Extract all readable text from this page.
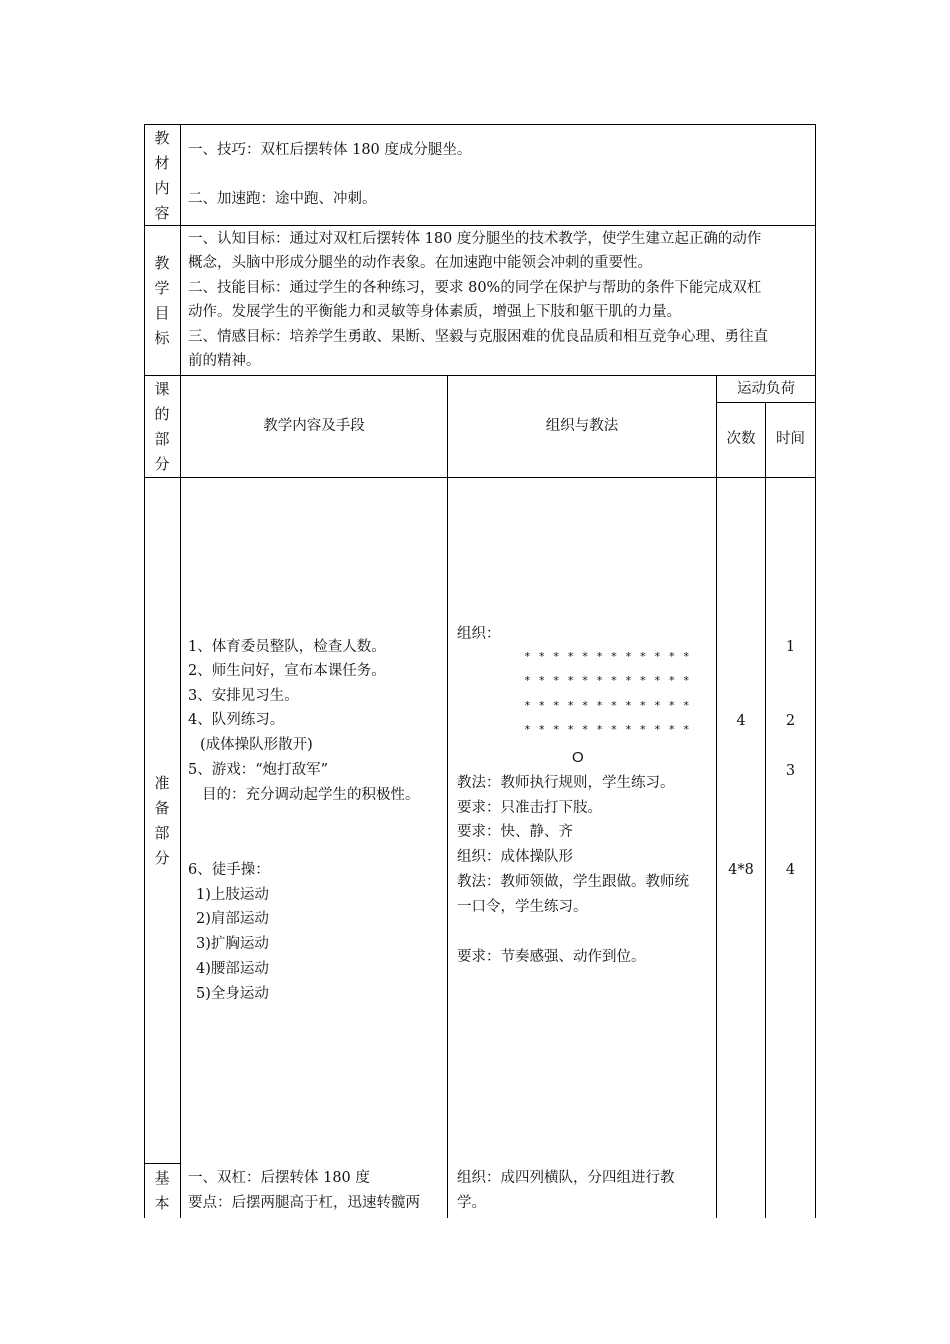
教
材
内
容
一、技巧：双杠后摆转体 180 度成分腿坐。
二、加速跑：途中跑、冲刺。
教
学
目
标
一、认知目标：通过对双杠后摆转体 180 度分腿坐的技术教学，使学生建立起正确的动作
概念，头脑中形成分腿坐的动作表象。在加速跑中能领会冲刺的重要性。
二、技能目标：通过学生的各种练习，要求 80%的同学在保护与帮助的条件下能完成双杠
动作。发展学生的平衡能力和灵敏等身体素质，增强上下肢和躯干肌的力量。
三、情感目标：培养学生勇敢、果断、坚毅与克服困难的优良品质和相互竞争心理、勇往直
前的精神。
课
的
部
分
教学内容及手段	组织与教法
运动负荷
次数	时间
准
备
部
分
1、体育委员整队，检查人数。
2、师生问好，宣布本课任务。
3、安排见习生。
4、队列练习。
(成体操队形散开)
5、游戏：“炮打敌军”
目的：充分调动起学生的积极性。
6、徒手操：
1)上肢运动
2)肩部运动
3)扩胸运动
4)腰部运动
5)全身运动
组织：
* * * * * * * * * * * *
* * * * * * * * * * * *
* * * * * * * * * * * *
* * * * * * * * * * * *
O
教法：教师执行规则，学生练习。
要求：只准击打下肢。
要求：快、静、齐
组织：成体操队形
教法：教师领做，学生跟做。教师统
一口令，学生练习。
要求：节奏感强、动作到位。
4
4*8
1
2
3
4
基
本
一、双杠：后摆转体 180 度
要点：后摆两腿高于杠，迅速转髋两
组织：成四列横队，分四组进行教
学。
